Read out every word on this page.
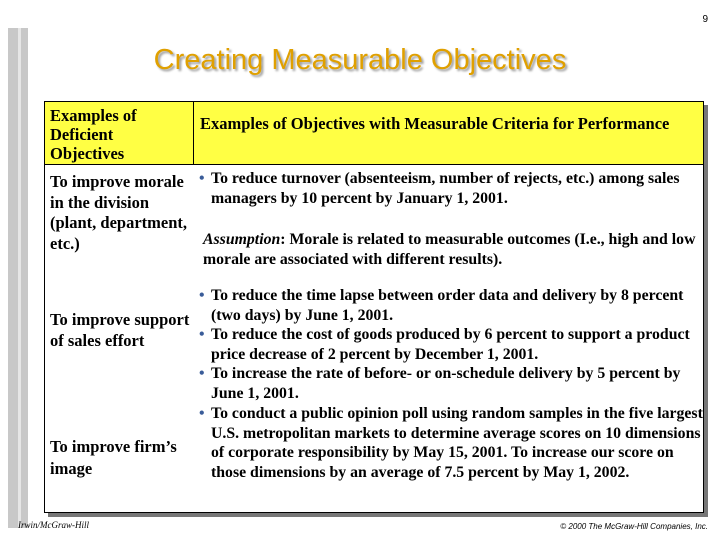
9
Creating Measurable Objectives
Examples of Deficient Objectives
Examples of Objectives with Measurable Criteria for Performance
To improve morale in the division (plant, department, etc.)
• To reduce turnover (absenteeism, number of rejects, etc.) among sales managers by 10 percent by January 1, 2001.
Assumption: Morale is related to measurable outcomes (I.e., high and low morale are associated with different results).
To improve support of sales effort
• To reduce the time lapse between order data and delivery by 8 percent (two days) by June 1, 2001.
• To reduce the cost of goods produced by 6 percent to support a product price decrease of 2 percent by December 1, 2001.
• To increase the rate of before- or on-schedule delivery by 5 percent by June 1, 2001.
To improve firm’s image
• To conduct a public opinion poll using random samples in the five largest U.S. metropolitan markets to determine average scores on 10 dimensions of corporate responsibility by May 15, 2001. To increase our score on those dimensions by an average of 7.5 percent by May 1, 2002.
Irwin/McGraw-Hill	© 2000 The McGraw-Hill Companies, Inc.
